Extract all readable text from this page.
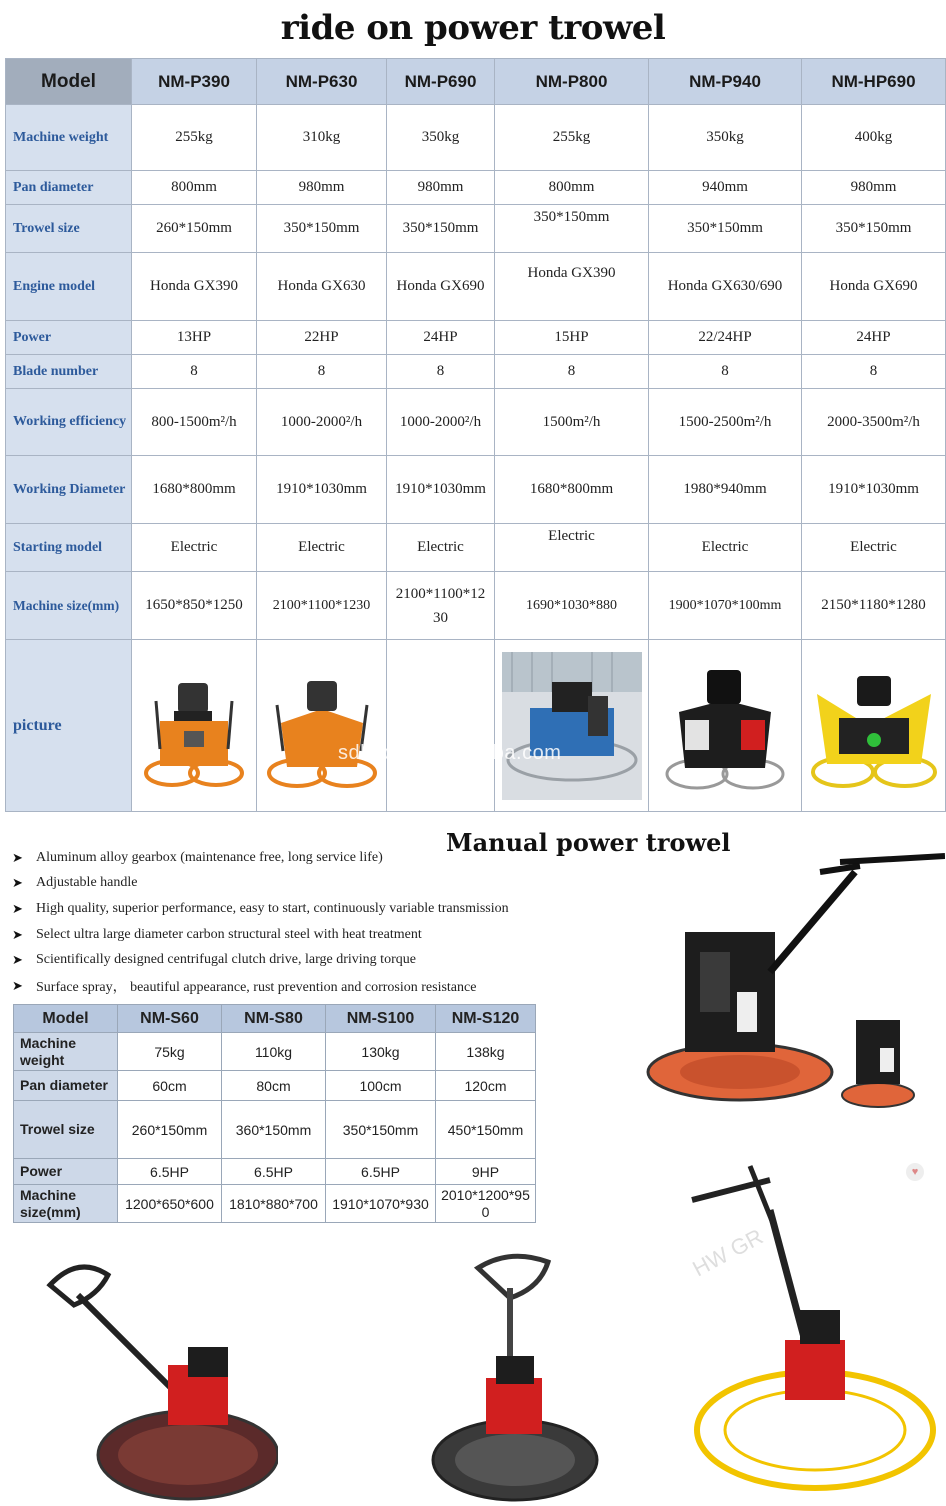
ride on power trowel
Model	NM-P390	NM-P630	NM-P690	NM-P800	NM-P940	NM-HP690
Machine weight	255kg	310kg	350kg	255kg	350kg	400kg
Pan diameter	800mm	980mm	980mm	800mm	940mm	980mm
Trowel size	260*150mm	350*150mm	350*150mm	350*150mm	350*150mm	350*150mm
Engine model	Honda GX390	Honda GX630	Honda GX690	Honda GX390	Honda GX630/690	Honda GX690
Power	13HP	22HP	24HP	15HP	22/24HP	24HP
Blade number	8	8	8	8	8	8
Working efficiency	800-1500m²/h	1000-2000²/h	1000-2000²/h	1500m²/h	1500-2500m²/h	2000-3500m²/h
Working Diameter	1680*800mm	1910*1030mm	1910*1030mm	1680*800mm	1980*940mm	1910*1030mm
Starting model	Electric	Electric	Electric	Electric	Electric	Electric
Machine size(mm)	1650*850*1250	2100*1100*1230	2100*1100*1230	1690*1030*880	1900*1070*100mm	2150*1180*1280
picture	

sdhuote.en.alibaba.com
Manual power trowel
➤ Aluminum alloy gearbox (maintenance free, long service life)
➤ Adjustable handle
➤ High quality, superior performance, easy to start, continuously variable transmission
➤ Select ultra large diameter carbon structural steel with heat treatment
➤ Scientifically designed centrifugal clutch drive, large driving torque
➤ Surface spray， beautiful appearance, rust prevention and corrosion resistance
Model	NM-S60	NM-S80	NM-S100	NM-S120
Machine weight	75kg	110kg	130kg	138kg
Pan diameter	60cm	80cm	100cm	120cm
Trowel size	260*150mm	360*150mm	350*150mm	450*150mm
Power	6.5HP	6.5HP	6.5HP	9HP
Machine size(mm)	1200*650*600	1810*880*700	1910*1070*930	2010*1200*950
♥
HW GR
